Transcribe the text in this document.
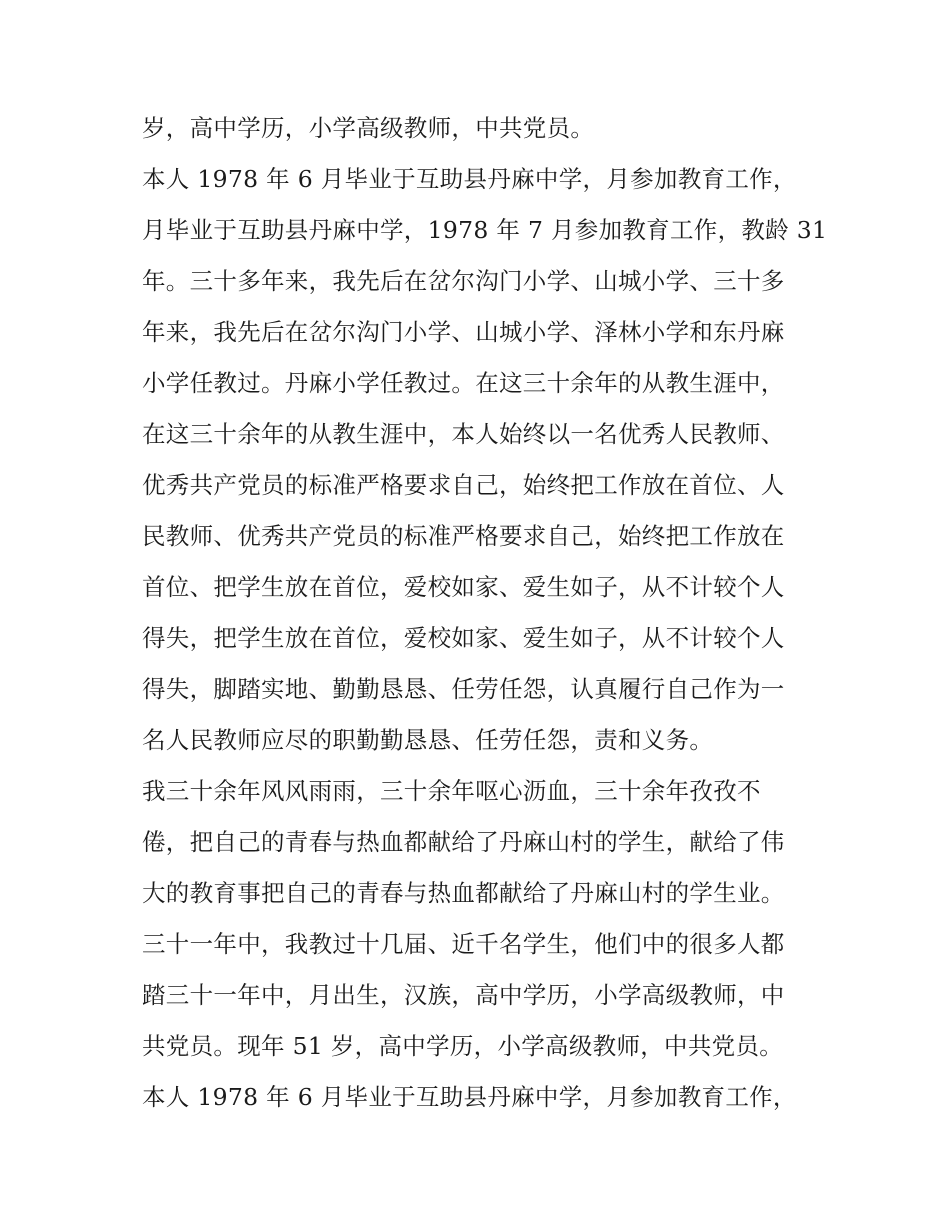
岁，高中学历，小学高级教师，中共党员。
本人 1978 年 6 月毕业于互助县丹麻中学，月参加教育工作，
月毕业于互助县丹麻中学，1978 年 7 月参加教育工作，教龄 31
年。三十多年来，我先后在岔尔沟门小学、山城小学、三十多
年来，我先后在岔尔沟门小学、山城小学、泽林小学和东丹麻
小学任教过。丹麻小学任教过。在这三十余年的从教生涯中，
在这三十余年的从教生涯中，本人始终以一名优秀人民教师、
优秀共产党员的标准严格要求自己，始终把工作放在首位、人
民教师、优秀共产党员的标准严格要求自己，始终把工作放在
首位、把学生放在首位，爱校如家、爱生如子，从不计较个人
得失，把学生放在首位，爱校如家、爱生如子，从不计较个人
得失，脚踏实地、勤勤恳恳、任劳任怨，认真履行自己作为一
名人民教师应尽的职勤勤恳恳、任劳任怨，责和义务。
我三十余年风风雨雨，三十余年呕心沥血，三十余年孜孜不
倦，把自己的青春与热血都献给了丹麻山村的学生，献给了伟
大的教育事把自己的青春与热血都献给了丹麻山村的学生业。
三十一年中，我教过十几届、近千名学生，他们中的很多人都
踏三十一年中，月出生，汉族，高中学历，小学高级教师，中
共党员。现年 51 岁，高中学历，小学高级教师，中共党员。
本人 1978 年 6 月毕业于互助县丹麻中学，月参加教育工作，
